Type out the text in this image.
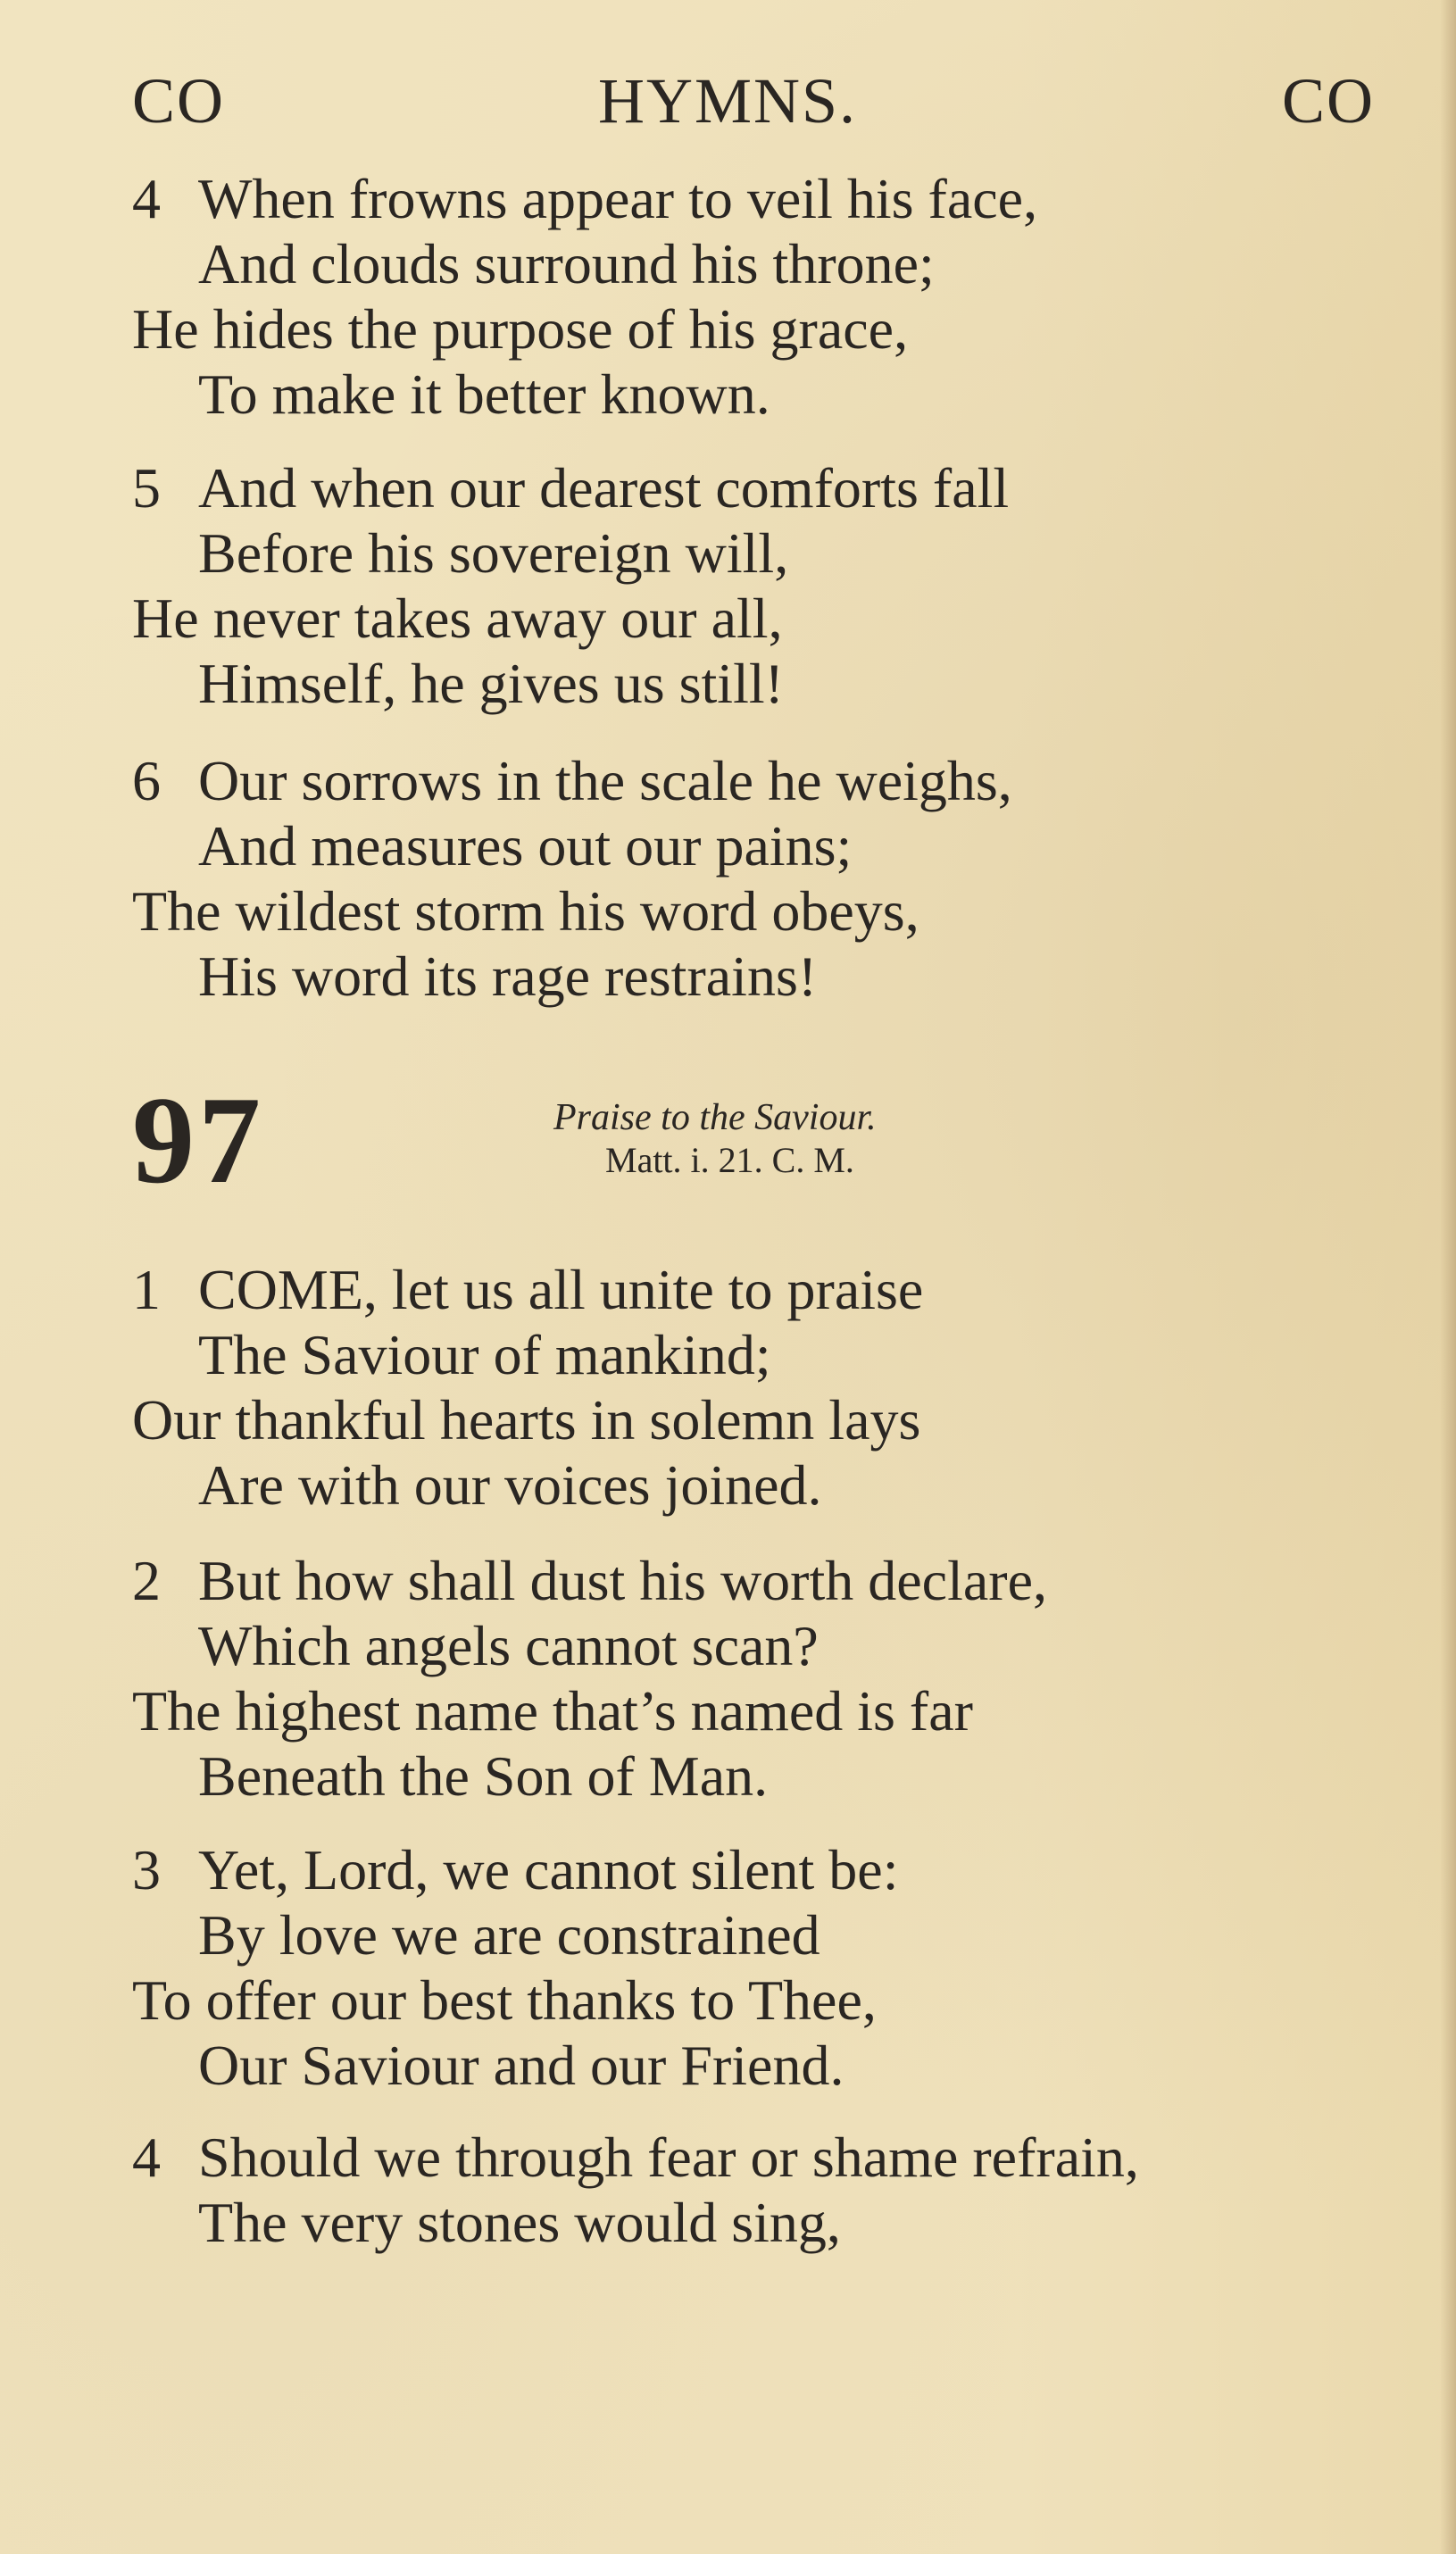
CO	HYMNS.	CO
4 When frowns appear to veil his face,
And clouds surround his throne;
He hides the purpose of his grace,
To make it better known.
5 And when our dearest comforts fall
Before his sovereign will,
He never takes away our all,
Himself, he gives us still!
6 Our sorrows in the scale he weighs,
And measures out our pains;
The wildest storm his word obeys,
His word its rage restrains!
97	Praise to the Saviour.
Matt. i. 21. C. M.
1 COME, let us all unite to praise
The Saviour of mankind;
Our thankful hearts in solemn lays
Are with our voices joined.
2 But how shall dust his worth declare,
Which angels cannot scan?
The highest name that’s named is far
Beneath the Son of Man.
3 Yet, Lord, we cannot silent be:
By love we are constrained
To offer our best thanks to Thee,
Our Saviour and our Friend.
4 Should we through fear or shame refrain,
The very stones would sing,
